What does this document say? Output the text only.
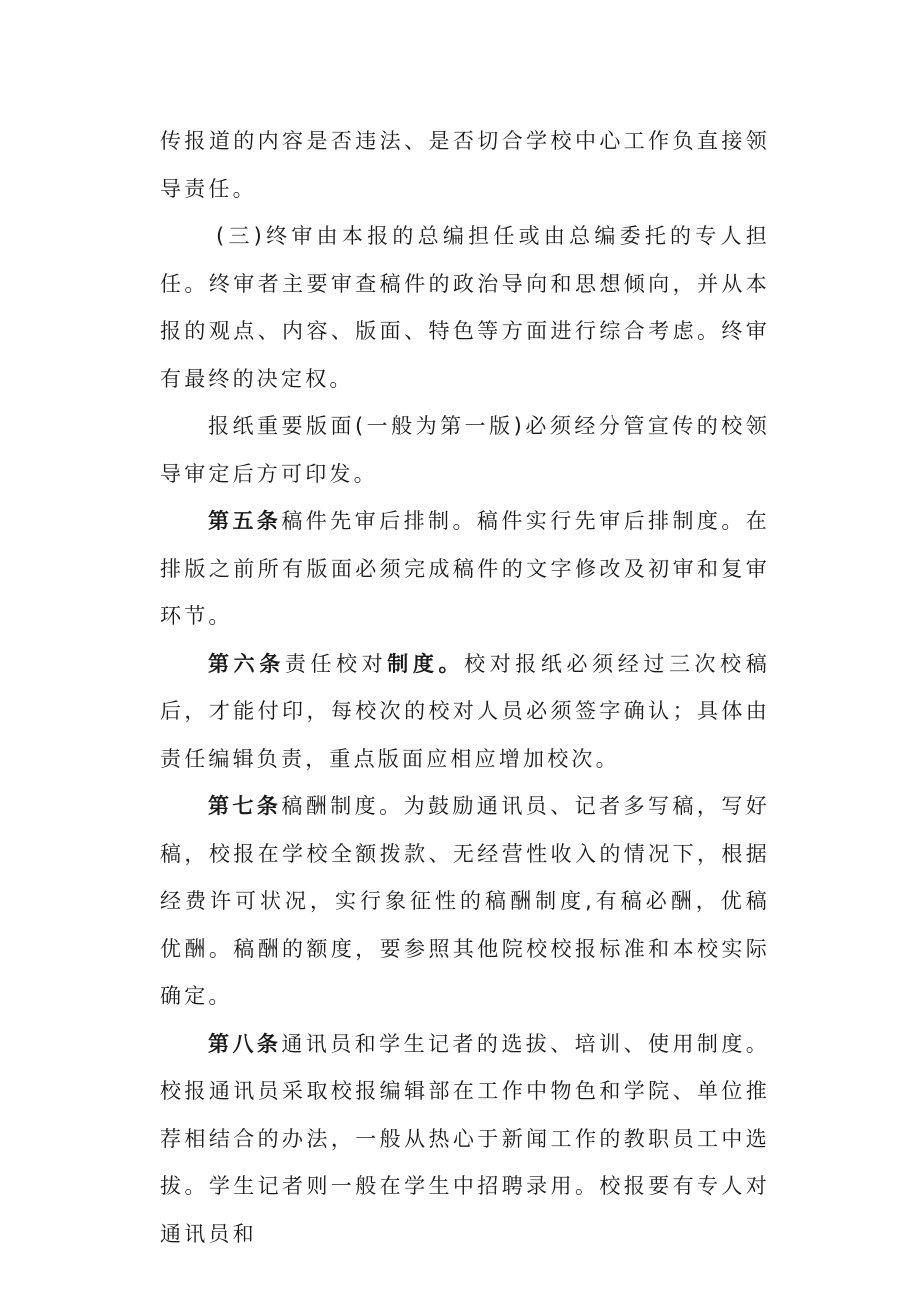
传报道的内容是否违法、是否切合学校中心工作负直接领导责任。

(三)终审由本报的总编担任或由总编委托的专人担任。终审者主要审查稿件的政治导向和思想倾向，并从本报的观点、内容、版面、特色等方面进行综合考虑。终审有最终的决定权。

报纸重要版面(一般为第一版)必须经分管宣传的校领导审定后方可印发。

第五条稿件先审后排制。稿件实行先审后排制度。在排版之前所有版面必须完成稿件的文字修改及初审和复审环节。

第六条责任校对制度。校对报纸必须经过三次校稿后，才能付印，每校次的校对人员必须签字确认；具体由责任编辑负责，重点版面应相应增加校次。

第七条稿酬制度。为鼓励通讯员、记者多写稿，写好稿，校报在学校全额拨款、无经营性收入的情况下，根据经费许可状况，实行象征性的稿酬制度,有稿必酬，优稿优酬。稿酬的额度，要参照其他院校校报标准和本校实际确定。

第八条通讯员和学生记者的选拔、培训、使用制度。校报通讯员采取校报编辑部在工作中物色和学院、单位推荐相结合的办法，一般从热心于新闻工作的教职员工中选拔。学生记者则一般在学生中招聘录用。校报要有专人对通讯员和
